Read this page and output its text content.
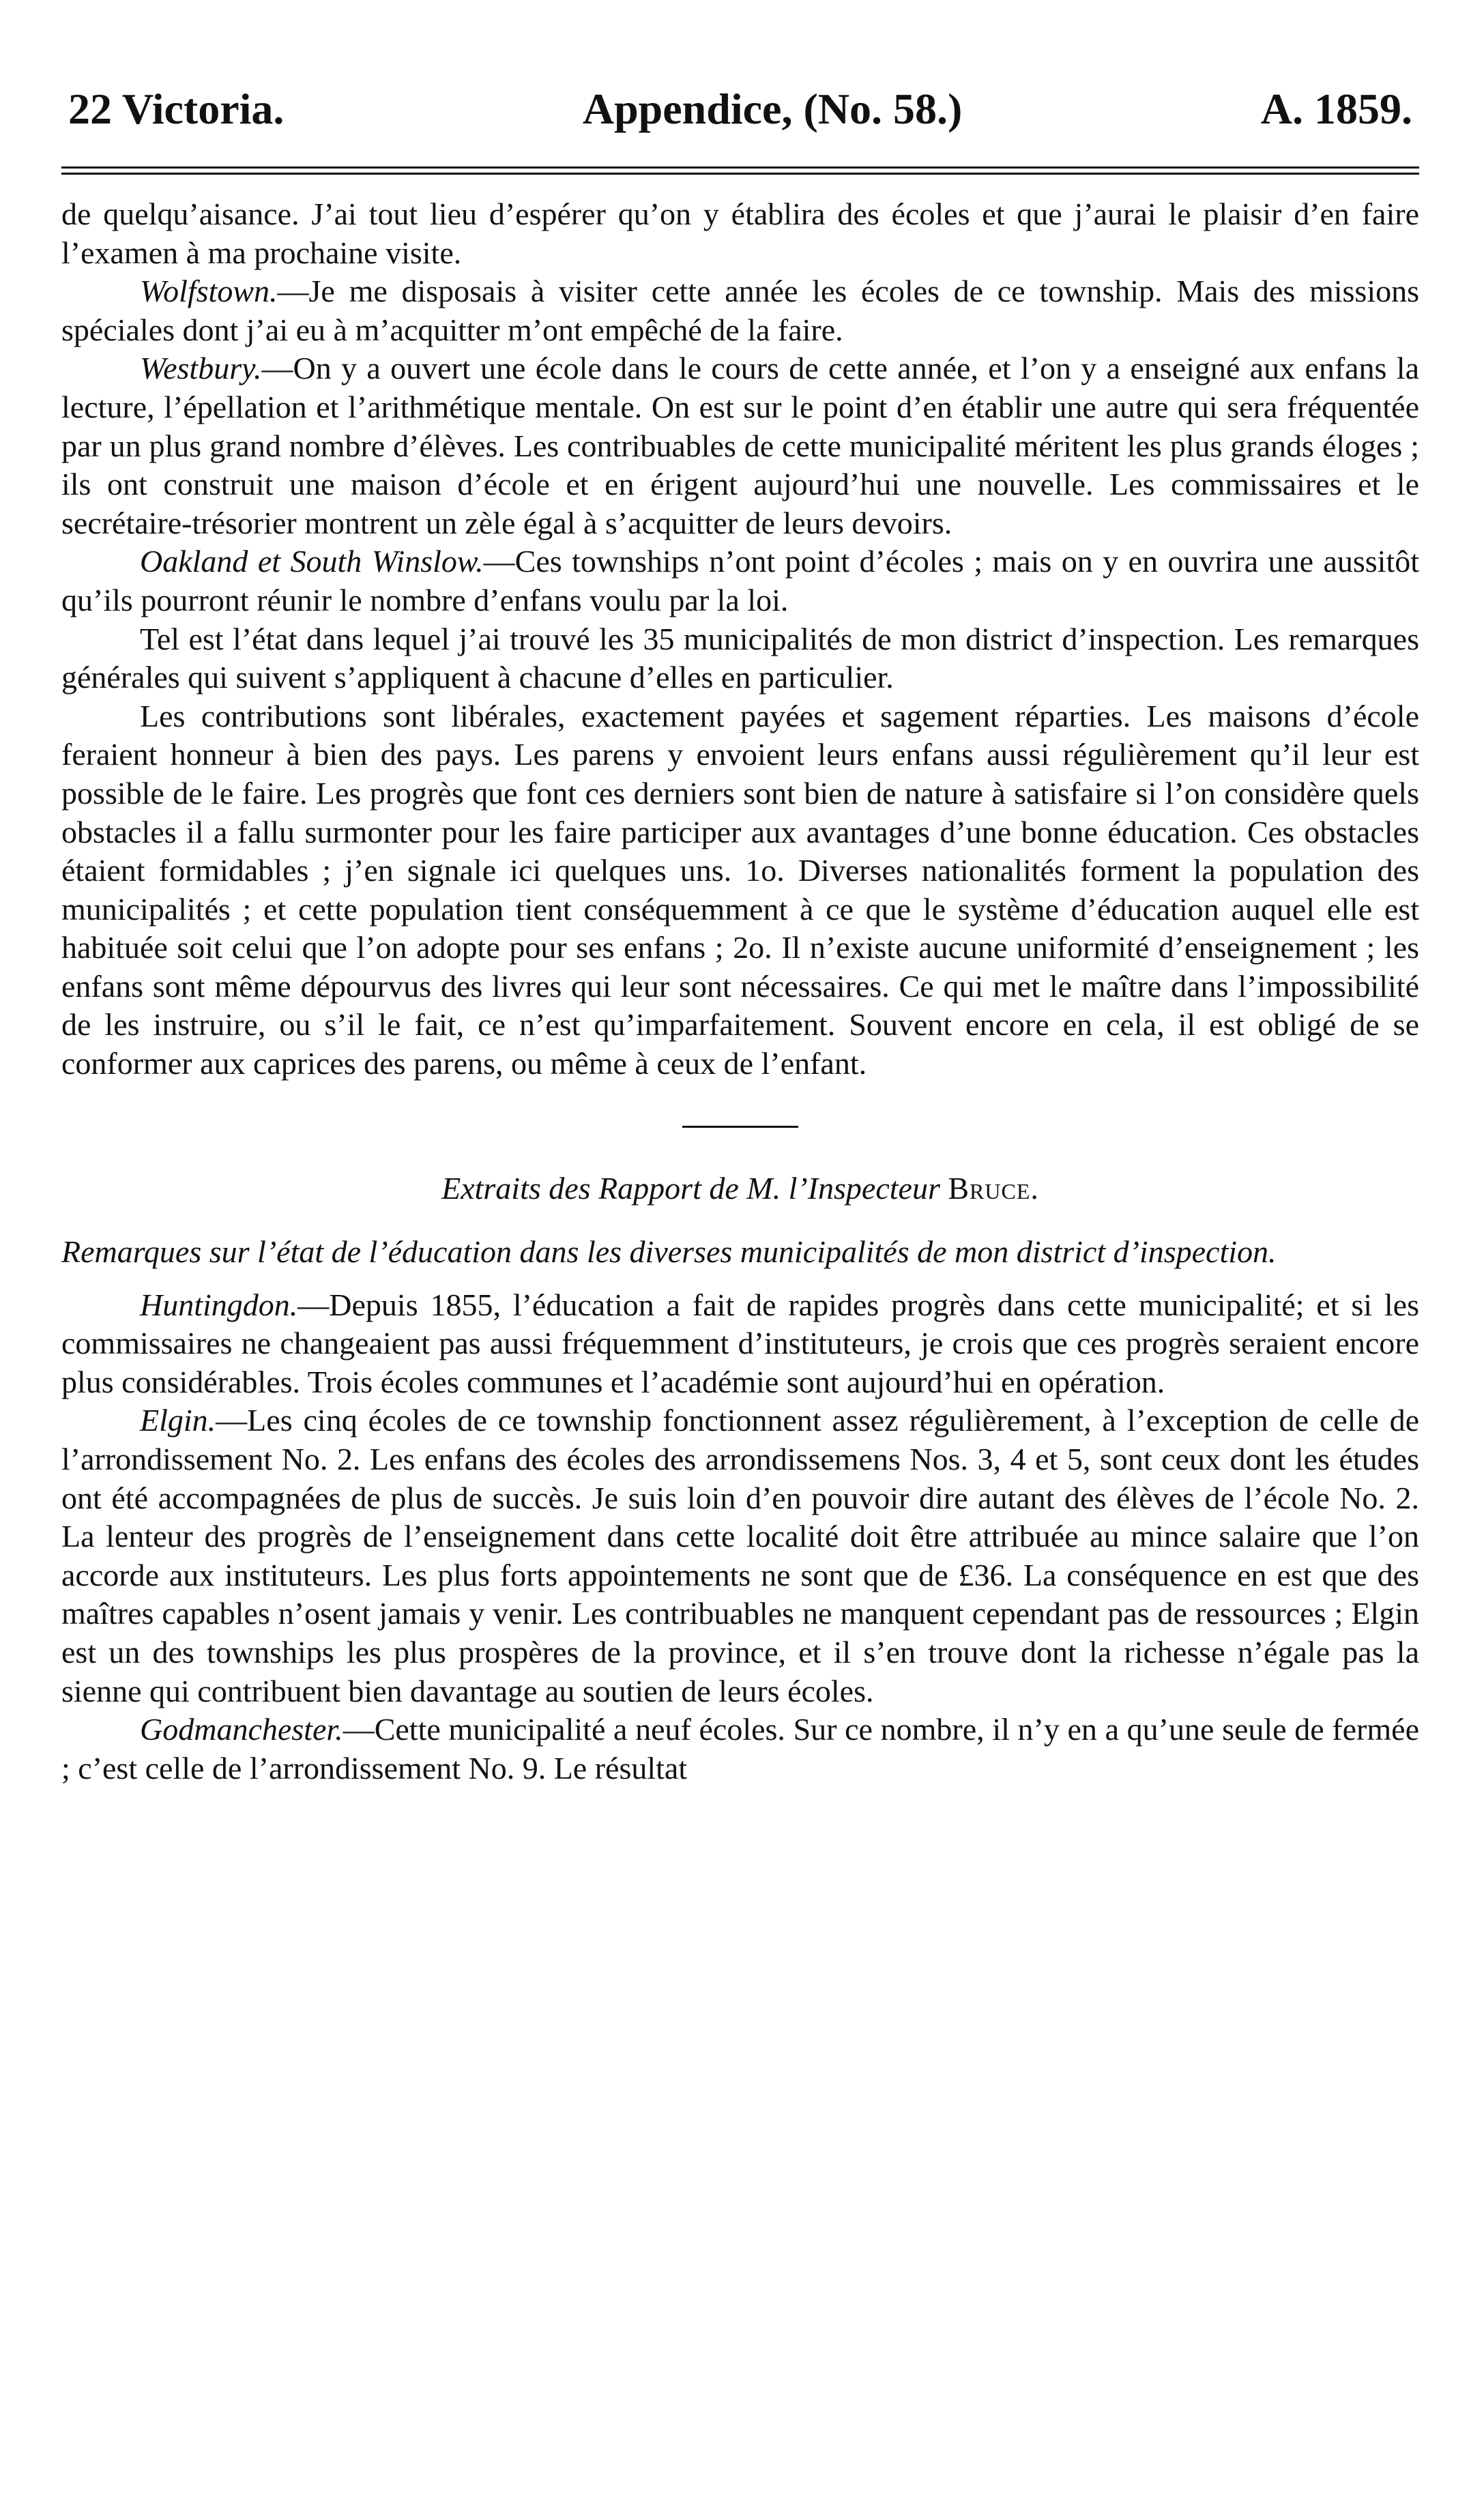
22 Victoria.	Appendice, (No. 58.)	A. 1859.

de quelqu’aisance. J’ai tout lieu d’espérer qu’on y établira des écoles et que j’aurai le plaisir d’en faire l’examen à ma prochaine visite.

Wolfstown.—Je me disposais à visiter cette année les écoles de ce township. Mais des missions spéciales dont j’ai eu à m’acquitter m’ont empêché de la faire.

Westbury.—On y a ouvert une école dans le cours de cette année, et l’on y a enseigné aux enfans la lecture, l’épellation et l’arithmétique mentale. On est sur le point d’en établir une autre qui sera fréquentée par un plus grand nombre d’élèves. Les contribuables de cette municipalité méritent les plus grands éloges ; ils ont construit une maison d’école et en érigent aujourd’hui une nouvelle. Les commissaires et le secrétaire-trésorier montrent un zèle égal à s’acquitter de leurs devoirs.

Oakland et South Winslow.—Ces townships n’ont point d’écoles ; mais on y en ouvrira une aussitôt qu’ils pourront réunir le nombre d’enfans voulu par la loi.

Tel est l’état dans lequel j’ai trouvé les 35 municipalités de mon district d’inspection. Les remarques générales qui suivent s’appliquent à chacune d’elles en particulier.

Les contributions sont libérales, exactement payées et sagement réparties. Les maisons d’école feraient honneur à bien des pays. Les parens y envoient leurs enfans aussi régulièrement qu’il leur est possible de le faire. Les progrès que font ces derniers sont bien de nature à satisfaire si l’on considère quels obstacles il a fallu surmonter pour les faire participer aux avantages d’une bonne éducation. Ces obstacles étaient formidables ; j’en signale ici quelques uns. 1o. Diverses nationalités forment la population des municipalités ; et cette population tient conséquemment à ce que le système d’éducation auquel elle est habituée soit celui que l’on adopte pour ses enfans ; 2o. Il n’existe aucune uniformité d’enseignement ; les enfans sont même dépourvus des livres qui leur sont nécessaires. Ce qui met le maître dans l’impossibilité de les instruire, ou s’il le fait, ce n’est qu’imparfaitement. Souvent encore en cela, il est obligé de se conformer aux caprices des parens, ou même à ceux de l’enfant.

Extraits des Rapport de M. l’Inspecteur Bruce.
Remarques sur l’état de l’éducation dans les diverses municipalités de mon district d’inspection.

Huntingdon.—Depuis 1855, l’éducation a fait de rapides progrès dans cette municipalité; et si les commissaires ne changeaient pas aussi fréquemment d’instituteurs, je crois que ces progrès seraient encore plus considérables. Trois écoles communes et l’académie sont aujourd’hui en opération.

Elgin.—Les cinq écoles de ce township fonctionnent assez régulièrement, à l’exception de celle de l’arrondissement No. 2. Les enfans des écoles des arrondissemens Nos. 3, 4 et 5, sont ceux dont les études ont été accompagnées de plus de succès. Je suis loin d’en pouvoir dire autant des élèves de l’école No. 2. La lenteur des progrès de l’enseignement dans cette localité doit être attribuée au mince salaire que l’on accorde aux instituteurs. Les plus forts appointements ne sont que de £36. La conséquence en est que des maîtres capables n’osent jamais y venir. Les contribuables ne manquent cependant pas de ressources ; Elgin est un des townships les plus prospères de la province, et il s’en trouve dont la richesse n’égale pas la sienne qui contribuent bien davantage au soutien de leurs écoles.

Godmanchester.—Cette municipalité a neuf écoles. Sur ce nombre, il n’y en a qu’une seule de fermée ; c’est celle de l’arrondissement No. 9. Le résultat
